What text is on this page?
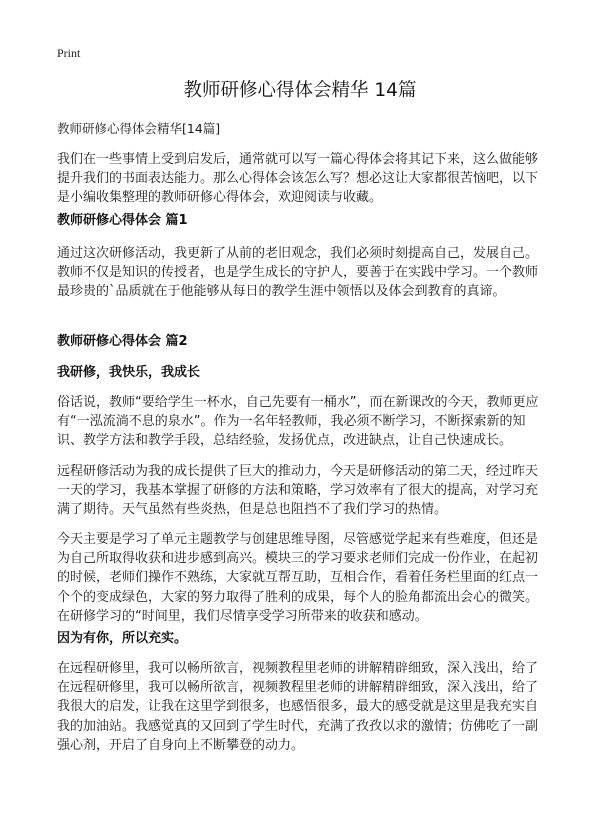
Print
教师研修心得体会精华 14篇
教师研修心得体会精华[14篇]

我们在一些事情上受到启发后，通常就可以写一篇心得体会将其记下来，这么做能够提升我们的书面表达能力。那么心得体会该怎么写？想必这让大家都很苦恼吧，以下是小编收集整理的教师研修心得体会，欢迎阅读与收藏。

教师研修心得体会 篇1

通过这次研修活动，我更新了从前的老旧观念，我们必须时刻提高自己，发展自己。教师不仅是知识的传授者，也是学生成长的守护人，要善于在实践中学习。一个教师最珍贵的`品质就在于他能够从每日的教学生涯中领悟以及体会到教育的真谛。

教师研修心得体会 篇2
我研修，我快乐，我成长

俗话说，教师“要给学生一杯水，自己先要有一桶水”，而在新课改的今天，教师更应有“一泓流淌不息的泉水”。作为一名年轻教师，我必须不断学习，不断探索新的知识、教学方法和教学手段，总结经验，发扬优点，改进缺点，让自己快速成长。

远程研修活动为我的成长提供了巨大的推动力，今天是研修活动的第二天，经过昨天一天的学习，我基本掌握了研修的方法和策略，学习效率有了很大的提高，对学习充满了期待。天气虽然有些炎热，但是总也阻挡不了我们学习的热情。

今天主要是学习了单元主题教学与创建思维导图，尽管感觉学起来有些难度，但还是为自己所取得收获和进步感到高兴。模块三的学习要求老师们完成一份作业，在起初的时候，老师们操作不熟练，大家就互帮互助，互相合作，看着任务栏里面的红点一个个的变成绿色，大家的努力取得了胜利的成果，每个人的脸角都流出会心的微笑。在研修学习的“时间里，我们尽情享受学习所带来的收获和感动。

因为有你，所以充实。

在远程研修里，我可以畅所欲言，视频教程里老师的讲解精辟细致，深入浅出，给了在远程研修里，我可以畅所欲言，视频教程里老师的讲解精辟细致，深入浅出，给了我很大的启发，让我在这里学到很多，也感悟很多，最大的感受就是这里是我充实自我的加油站。我感觉真的又回到了学生时代，充满了孜孜以求的激情；仿佛吃了一副强心剂，开启了自身向上不断攀登的动力。
